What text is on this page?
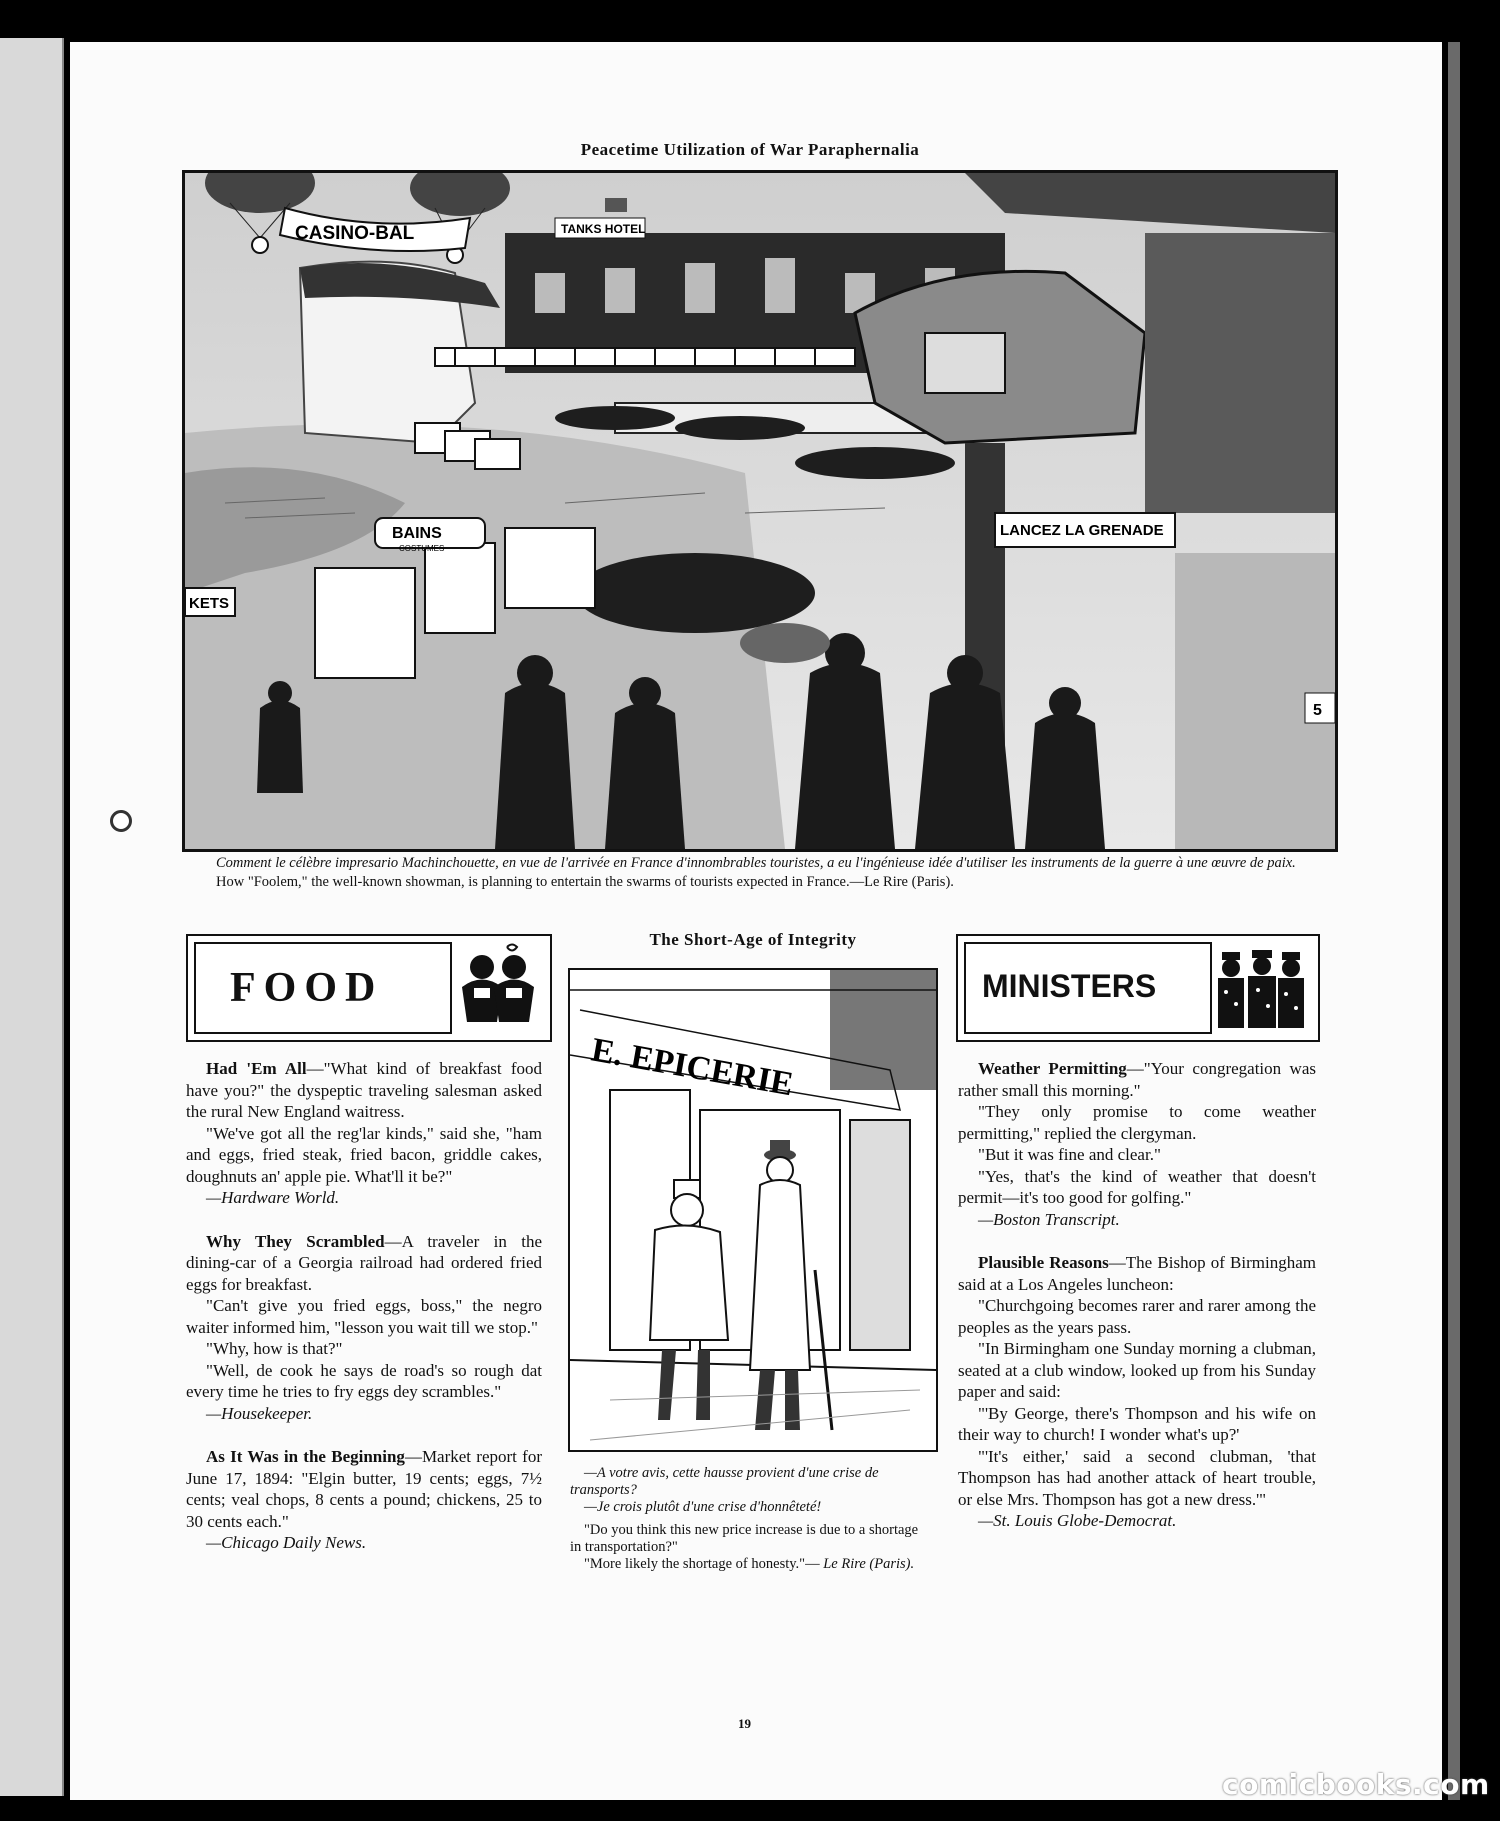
Peacetime Utilization of War Paraphernalia
CASINO-BAL	TANKS HOTEL
BAINS
COSTUMES
KETS
LANCEZ LA GRENADE
5
Comment le célèbre impresario Machinchouette, en vue de l'arrivée en France d'innombrables touristes, a eu l'ingénieuse idée d'utiliser les instruments de la guerre à une œuvre de paix.
How "Foolem," the well-known showman, is planning to entertain the swarms of tourists expected in France.—Le Rire (Paris).
FOOD

Had 'Em All—"What kind of breakfast food have you?" the dyspeptic traveling salesman asked the rural New England waitress.

"We've got all the reg'lar kinds," said she, "ham and eggs, fried steak, fried bacon, griddle cakes, doughnuts an' apple pie. What'll it be?"

—Hardware World.

Why They Scrambled—A traveler in the dining-car of a Georgia railroad had ordered fried eggs for breakfast.

"Can't give you fried eggs, boss," the negro waiter informed him, "lesson you wait till we stop."

"Why, how is that?"

"Well, de cook he says de road's so rough dat every time he tries to fry eggs dey scrambles."

—Housekeeper.

As It Was in the Beginning—Market report for June 17, 1894: "Elgin butter, 19 cents; eggs, 7½ cents; veal chops, 8 cents a pound; chickens, 25 to 30 cents each."

—Chicago Daily News.

The Short-Age of Integrity
E. EPICERIE
—A votre avis, cette hausse provient d'une crise de transports?
—Je crois plutôt d'une crise d'honnêteté!
"Do you think this new price increase is due to a shortage in transportation?"
"More likely the shortage of honesty."— Le Rire (Paris).
MINISTERS

Weather Permitting—"Your congregation was rather small this morning."

"They only promise to come weather permitting," replied the clergyman.

"But it was fine and clear."

"Yes, that's the kind of weather that doesn't permit—it's too good for golfing."

—Boston Transcript.

Plausible Reasons—The Bishop of Birmingham said at a Los Angeles luncheon:

"Churchgoing becomes rarer and rarer among the peoples as the years pass.

"In Birmingham one Sunday morning a clubman, seated at a club window, looked up from his Sunday paper and said:

"'By George, there's Thompson and his wife on their way to church! I wonder what's up?'

"'It's either,' said a second clubman, 'that Thompson has had another attack of heart trouble, or else Mrs. Thompson has got a new dress.'"

—St. Louis Globe-Democrat.

19
comicbooks.com
